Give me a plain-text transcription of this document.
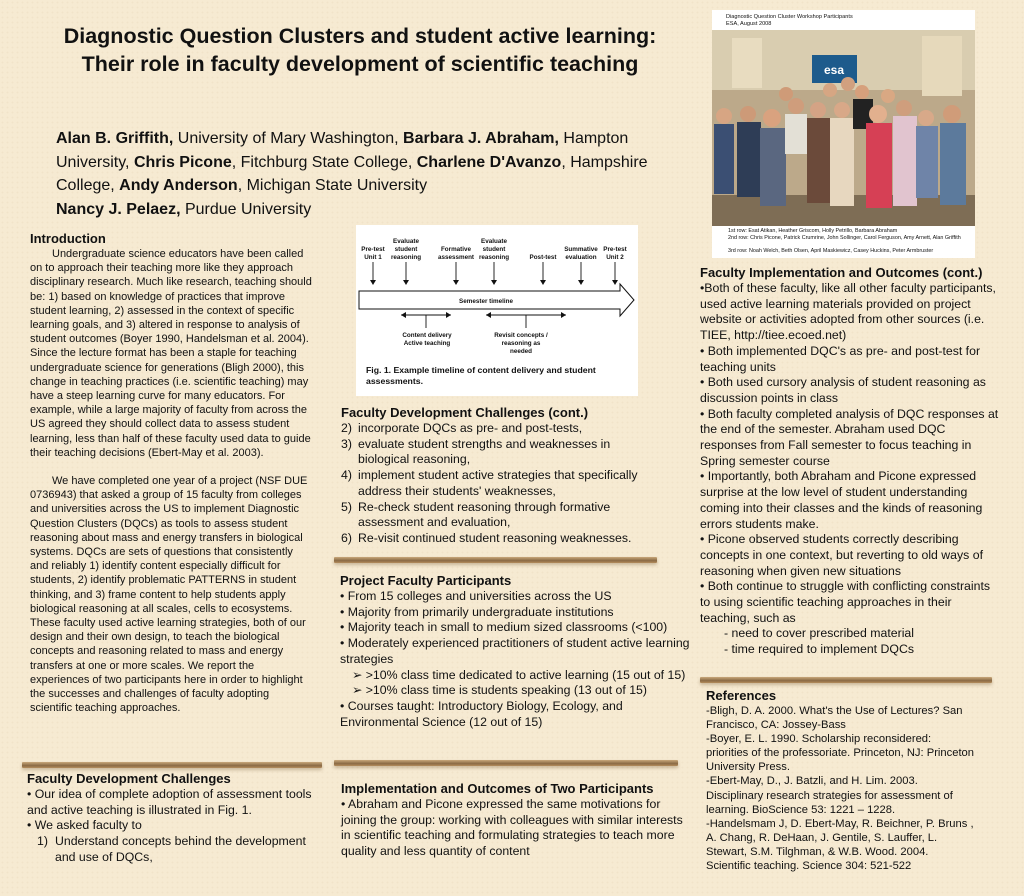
Diagnostic Question Clusters and student active learning: Their role in faculty development of scientific teaching
Alan B. Griffith, University of Mary Washington, Barbara J. Abraham, Hampton University, Chris Picone, Fitchburg State College, Charlene D'Avanzo, Hampshire College, Andy Anderson, Michigan State University
Nancy J. Pelaez, Purdue University
Introduction

Undergraduate science educators have been called on to approach their teaching more like they approach disciplinary research. Much like research, teaching should be: 1) based on knowledge of practices that improve student learning, 2) assessed in the context of specific learning goals, and 3) altered in response to analysis of student outcomes (Boyer 1990, Handelsman et al. 2004). Since the lecture format has been a staple for teaching undergraduate science for generations (Bligh 2000), this change in teaching practices (i.e. scientific teaching) may have a steep learning curve for many educators. For example, while a large majority of faculty from across the US agreed they should collect data to assess student learning, less than half of these faculty used data to guide their teaching decisions (Ebert-May et al. 2003).

We have completed one year of a project (NSF DUE 0736943) that asked a group of 15 faculty from colleges and universities across the US to implement Diagnostic Question Clusters (DQCs) as tools to assess student reasoning about mass and energy transfers in biological systems. DQCs are sets of questions that consistently and reliably 1) identify content especially difficult for students, 2) identify problematic PATTERNS in student thinking, and 3) frame content to help students apply biological reasoning at all scales, cells to ecosystems. These faculty used active learning strategies, both of our design and their own design, to teach the biological concepts and reasoning related to mass and energy transfers at one or more scales. We report the experiences of two participants here in order to highlight the successes and challenges of faculty adopting scientific teaching approaches.

Faculty Development Challenges
• Our idea of complete adoption of assessment tools and active teaching is illustrated in Fig. 1.
• We asked faculty to
1) Understand concepts behind the development and use of DQCs,
Pre-test Unit 1
Evaluate student reasoning
Formative assessment
Evaluate student reasoning	Post-test
Summative evaluation
Pre-test Unit 2
Semester timeline
Content delivery Active teaching
Revisit concepts / reasoning as needed
Fig. 1. Example timeline of content delivery and student assessments.
Faculty Development Challenges (cont.)
2) incorporate DQCs as pre- and post-tests,
3) evaluate student strengths and weaknesses in biological reasoning,
4) implement student active strategies that specifically address their students' weaknesses,
5) Re-check student reasoning through formative assessment and evaluation,
6) Re-visit continued student reasoning weaknesses.
Project Faculty Participants
• From 15 colleges and universities across the US
• Majority from primarily undergraduate institutions
• Majority teach in small to medium sized classrooms (<100)
• Moderately experienced practitioners of student active learning strategies
➢ >10% class time dedicated to active learning (15 out of 15)
➢ >10% class time is students speaking (13 out of 15)
• Courses taught: Introductory Biology, Ecology, and Environmental Science (12 out of 15)
Implementation and Outcomes of Two Participants
• Abraham and Picone expressed the same motivations for joining the group: working with colleagues with similar interests in scientific teaching and formulating strategies to teach more quality and less quantity of content
Diagnostic Question Cluster Workshop Participants
ESA, August 2008
esa
1st row: Esat Atikan, Heather Griscom, Holly Petrillo, Barbara Abraham
2nd row: Chris Picone, Patrick Crumrine, John Sollinger, Carol Ferguson, Amy Arnett, Alan Griffith
3rd row: Noah Welch, Beth Olsen, April Maskiewicz, Casey Huckins, Peter Armbruster
Faculty Implementation and Outcomes (cont.)
•Both of these faculty, like all other faculty participants, used active learning materials provided on project website or activities adopted from other sources (i.e. TIEE, http://tiee.ecoed.net)
• Both implemented DQC's as pre- and post-test for teaching units
• Both used cursory analysis of student reasoning as discussion points in class
• Both faculty completed analysis of DQC responses at the end of the semester. Abraham used DQC responses from Fall semester to focus teaching in Spring semester course
• Importantly, both Abraham and Picone expressed surprise at the low level of student understanding coming into their classes and the kinds of reasoning errors students make.
• Picone observed students correctly describing concepts in one context, but reverting to old ways of reasoning when given new situations
• Both continue to struggle with conflicting constraints to using scientific teaching approaches in their teaching, such as
- need to cover prescribed material
- time required to implement DQCs
References
-Bligh, D. A. 2000. What's the Use of Lectures? San Francisco, CA: Jossey-Bass
-Boyer, E. L. 1990. Scholarship reconsidered: priorities of the professoriate. Princeton, NJ: Princeton University Press.
-Ebert-May, D., J. Batzli, and H. Lim. 2003. Disciplinary research strategies for assessment of learning. BioScience 53: 1221 – 1228.
-Handelsmam J, D. Ebert-May, R. Beichner, P. Bruns , A. Chang, R. DeHaan, J. Gentile, S. Lauffer, L. Stewart, S.M. Tilghman, & W.B. Wood. 2004. Scientific teaching. Science 304: 521-522
